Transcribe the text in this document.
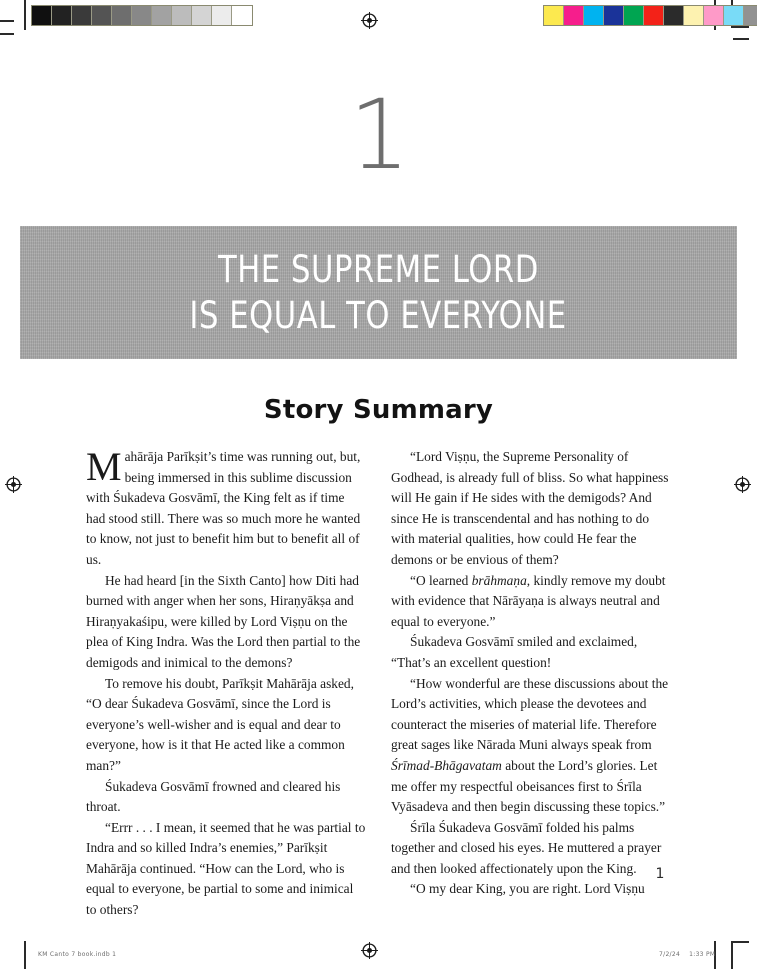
1
THE SUPREME LORD
IS EQUAL TO EVERYONE
Story Summary

Mahārāja Parīkṣit’s time was running out, but, being immersed in this sublime discussion with Śukadeva Gosvāmī, the King felt as if time had stood still. There was so much more he wanted to know, not just to benefit him but to benefit all of us.

He had heard [in the Sixth Canto] how Diti had burned with anger when her sons, Hiraṇyākṣa and Hiraṇyakaśipu, were killed by Lord Viṣṇu on the plea of King Indra. Was the Lord then partial to the demigods and inimical to the demons?

To remove his doubt, Parīkṣit Mahārāja asked, “O dear Śukadeva Gosvāmī, since the Lord is everyone’s well-wisher and is equal and dear to everyone, how is it that He acted like a common man?”

Śukadeva Gosvāmī frowned and cleared his throat.

“Errr . . . I mean, it seemed that he was partial to Indra and so killed Indra’s enemies,” Parīkṣit Mahārāja continued. “How can the Lord, who is equal to everyone, be partial to some and inimical to others?

“Lord Viṣṇu, the Supreme Personality of Godhead, is already full of bliss. So what happiness will He gain if He sides with the demigods? And since He is transcendental and has nothing to do with material qualities, how could He fear the demons or be envious of them?

“O learned brāhmaṇa, kindly remove my doubt with evidence that Nārāyaṇa is always neutral and equal to everyone.”

Śukadeva Gosvāmī smiled and exclaimed, “That’s an excellent question!

“How wonderful are these discussions about the Lord’s activities, which please the devotees and counteract the miseries of material life. Therefore great sages like Nārada Muni always speak from Śrīmad-Bhāgavatam about the Lord’s glories. Let me offer my respectful obeisances first to Śrīla Vyāsadeva and then begin discussing these topics.”

Śrīla Śukadeva Gosvāmī folded his palms together and closed his eyes. He muttered a prayer and then looked affectionately upon the King.

“O my dear King, you are right. Lord Viṣṇu

1
KM Canto 7 book.indb 1	7/2/24 1:33 PM
